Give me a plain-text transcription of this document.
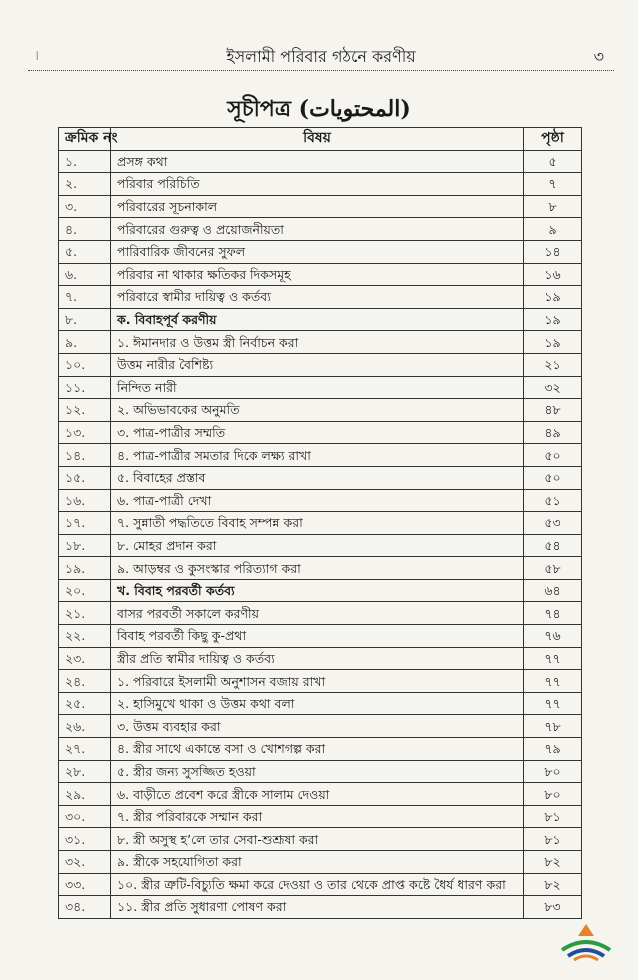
।	ইসলামী পরিবার গঠনে করণীয়	৩
সূচীপত্র (المحتويات)
ক্রমিক নং	বিষয়	পৃষ্ঠা
১.	প্রসঙ্গ কথা	৫
২.	পরিবার পরিচিতি	৭
৩.	পরিবারের সূচনাকাল	৮
৪.	পরিবারের গুরুত্ব ও প্রয়োজনীয়তা	৯
৫.	পারিবারিক জীবনের সুফল	১৪
৬.	পরিবার না থাকার ক্ষতিকর দিকসমূহ	১৬
৭.	পরিবারে স্বামীর দায়িত্ব ও কর্তব্য	১৯
৮.	ক. বিবাহপূর্ব করণীয়	১৯
৯.	১. ঈমানদার ও উত্তম স্ত্রী নির্বাচন করা	১৯
১০.	উত্তম নারীর বৈশিষ্ট্য	২১
১১.	নিন্দিত নারী	৩২
১২.	২. অভিভাবকের অনুমতি	৪৮
১৩.	৩. পাত্র-পাত্রীর সম্মতি	৪৯
১৪.	৪. পাত্র-পাত্রীর সমতার দিকে লক্ষ্য রাখা	৫০
১৫.	৫. বিবাহের প্রস্তাব	৫০
১৬.	৬. পাত্র-পাত্রী দেখা	৫১
১৭.	৭. সুন্নাতী পদ্ধতিতে বিবাহ সম্পন্ন করা	৫৩
১৮.	৮. মোহর প্রদান করা	৫৪
১৯.	৯. আড়ম্বর ও কুসংস্কার পরিত্যাগ করা	৫৮
২০.	খ. বিবাহ পরবর্তী কর্তব্য	৬৪
২১.	বাসর পরবর্তী সকালে করণীয়	৭৪
২২.	বিবাহ পরবর্তী কিছু কু-প্রথা	৭৬
২৩.	স্ত্রীর প্রতি স্বামীর দায়িত্ব ও কর্তব্য	৭৭
২৪.	১. পরিবারে ইসলামী অনুশাসন বজায় রাখা	৭৭
২৫.	২. হাসিমুখে থাকা ও উত্তম কথা বলা	৭৭
২৬.	৩. উত্তম ব্যবহার করা	৭৮
২৭.	৪. স্ত্রীর সাথে একান্তে বসা ও খোশগল্প করা	৭৯
২৮.	৫. স্ত্রীর জন্য সুসজ্জিত হওয়া	৮০
২৯.	৬. বাড়ীতে প্রবেশ করে স্ত্রীকে সালাম দেওয়া	৮০
৩০.	৭. স্ত্রীর পরিবারকে সম্মান করা	৮১
৩১.	৮. স্ত্রী অসুস্থ হ’লে তার সেবা-শুশ্রূষা করা	৮১
৩২.	৯. স্ত্রীকে সহযোগিতা করা	৮২
৩৩.	১০. স্ত্রীর ত্রুটি-বিচ্যুতি ক্ষমা করে দেওয়া ও তার থেকে প্রাপ্ত কষ্টে ধৈর্য ধারণ করা	৮২
৩৪.	১১. স্ত্রীর প্রতি সুধারণা পোষণ করা	৮৩
